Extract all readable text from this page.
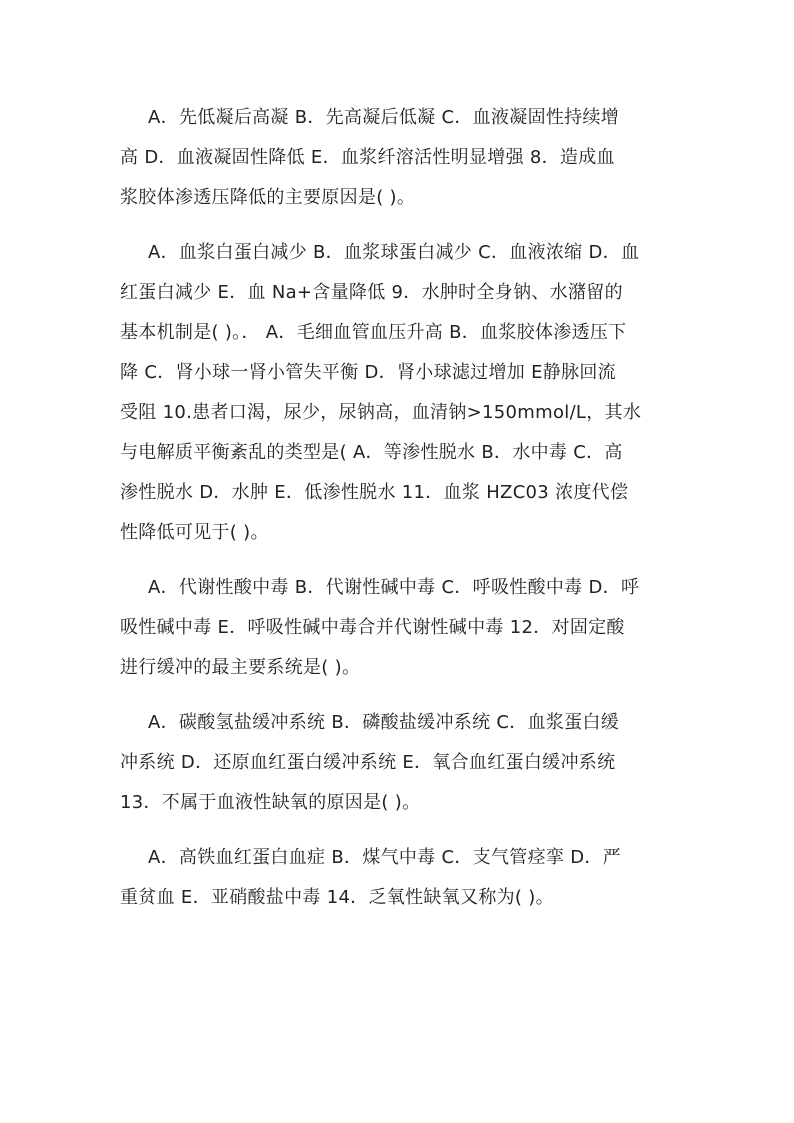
A．先低凝后高凝 B．先高凝后低凝 C．血液凝固性持续增
高 D．血液凝固性降低 E．血浆纤溶活性明显增强 8．造成血
浆胶体渗透压降低的主要原因是( )。

A．血浆白蛋白减少 B．血浆球蛋白减少 C．血液浓缩 D．血
红蛋白减少 E．血 Na+含量降低 9．水肿时全身钠、水潴留的
基本机制是( )。． A．毛细血管血压升高 B．血浆胶体渗透压下
降 C．肾小球一肾小管失平衡 D．肾小球滤过增加 E静脉回流
受阻 10.患者口渴，尿少，尿钠高，血清钠>150mmol/L，其水
与电解质平衡紊乱的类型是( A．等渗性脱水 B．水中毒 C．高
渗性脱水 D．水肿 E．低渗性脱水 11．血浆 HZC03 浓度代偿
性降低可见于( )。

A．代谢性酸中毒 B．代谢性碱中毒 C．呼吸性酸中毒 D．呼
吸性碱中毒 E．呼吸性碱中毒合并代谢性碱中毒 12．对固定酸
进行缓冲的最主要系统是( )。

A．碳酸氢盐缓冲系统 B．磷酸盐缓冲系统 C．血浆蛋白缓
冲系统 D．还原血红蛋白缓冲系统 E．氧合血红蛋白缓冲系统
13．不属于血液性缺氧的原因是( )。

A．高铁血红蛋白血症 B．煤气中毒 C．支气管痉挛 D．严
重贫血 E．亚硝酸盐中毒 14．乏氧性缺氧又称为( )。
